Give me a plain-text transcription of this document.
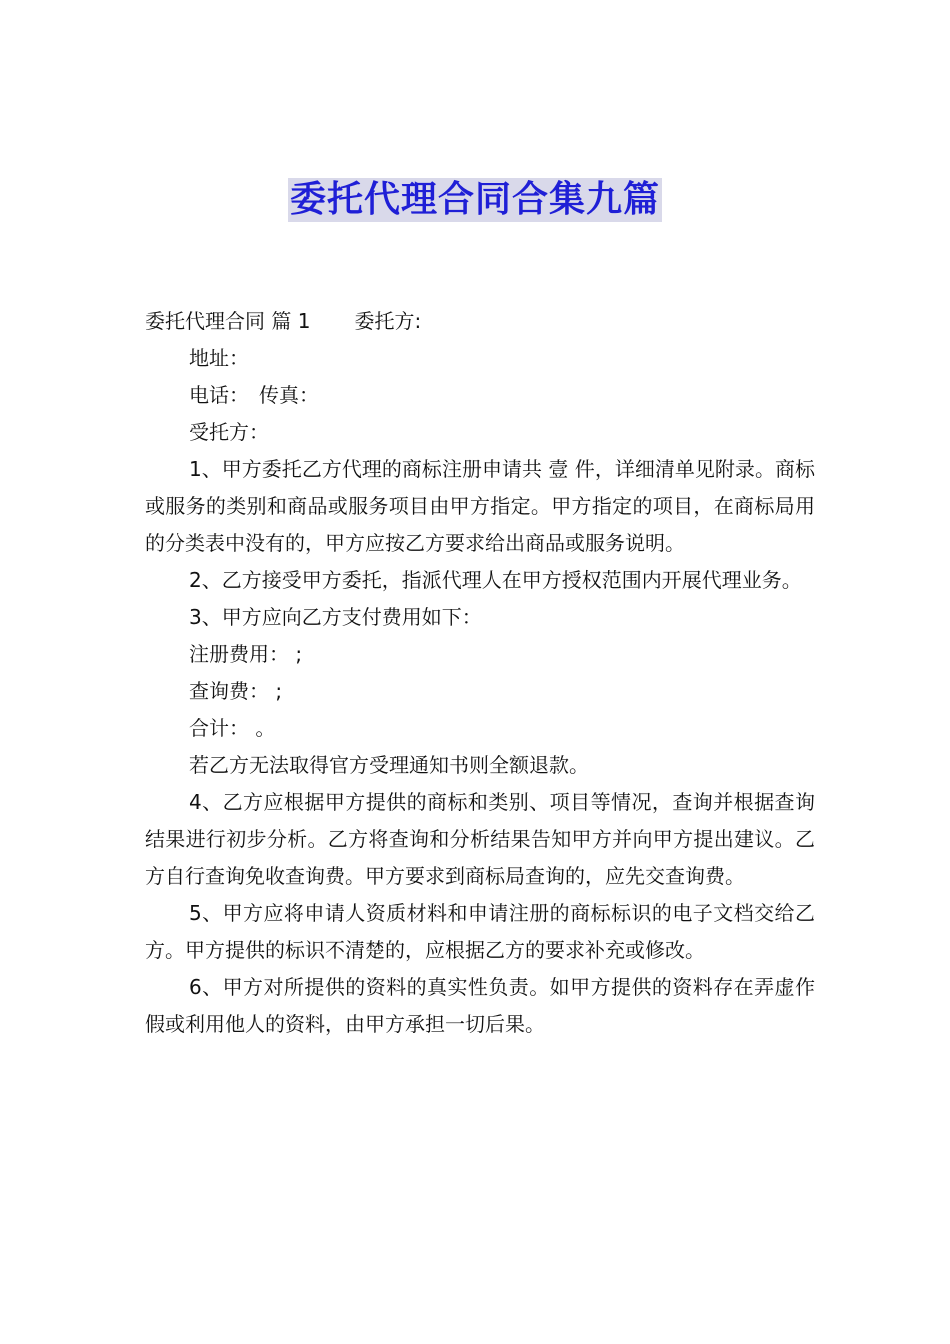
委托代理合同合集九篇

委托代理合同 篇 1 委托方:

地址：

电话： 传真：

受托方：

1、甲方委托乙方代理的商标注册申请共 壹 件，详细清单见附录。商标或服务的类别和商品或服务项目由甲方指定。甲方指定的项目，在商标局用的分类表中没有的，甲方应按乙方要求给出商品或服务说明。

2、乙方接受甲方委托，指派代理人在甲方授权范围内开展代理业务。

3、甲方应向乙方支付费用如下：

注册费用： ;

查询费： ;

合计： 。

若乙方无法取得官方受理通知书则全额退款。

4、乙方应根据甲方提供的商标和类别、项目等情况，查询并根据查询结果进行初步分析。乙方将查询和分析结果告知甲方并向甲方提出建议。乙方自行查询免收查询费。甲方要求到商标局查询的，应先交查询费。

5、甲方应将申请人资质材料和申请注册的商标标识的电子文档交给乙方。甲方提供的标识不清楚的，应根据乙方的要求补充或修改。

6、甲方对所提供的资料的真实性负责。如甲方提供的资料存在弄虚作假或利用他人的资料，由甲方承担一切后果。
